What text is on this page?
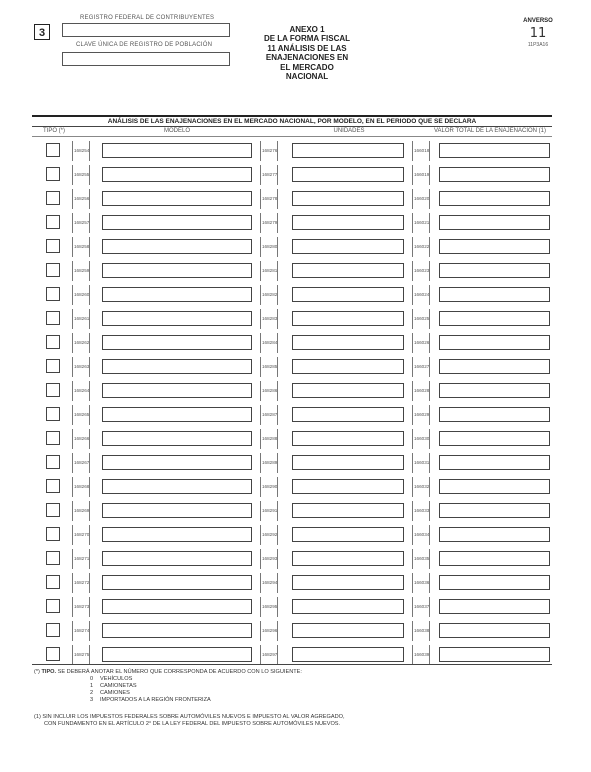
3
REGISTRO FEDERAL DE CONTRIBUYENTES
CLAVE ÚNICA DE REGISTRO DE POBLACIÓN
ANEXO 1
DE LA FORMA FISCAL
11 ANÁLISIS DE LAS
ENAJENACIONES EN
EL MERCADO
NACIONAL
ANVERSO
11
11P3A16
ANÁLISIS DE LAS ENAJENACIONES EN EL MERCADO NACIONAL, POR MODELO, EN EL PERIODO QUE SE DECLARA
TIPO (*)	MODELO	UNIDADES	VALOR TOTAL DE LA ENAJENACIÓN (1)
168254	168276	166018
168255	168277	166019
168256	168278	166020
168257	168279	166021
168258	168280	166022
168259	168281	166023
168260	168282	166024
168261	168283	166025
168262	168284	166026
168263	168285	166027
168264	168286	166028
168265	168287	166029
168266	168288	166030
168267	168289	166031
168268	168290	166032
168269	168291	166033
168270	168292	166034
168271	168293	166035
168272	168294	166036
168273	168295	166037
168274	168296	166038
168275	168297	166039
(*) TIPO. SE DEBERÁ ANOTAR EL NÚMERO QUE CORRESPONDA DE ACUERDO CON LO SIGUIENTE:
0 VEHÍCULOS
1 CAMIONETAS
2 CAMIONES
3 IMPORTADOS A LA REGIÓN FRONTERIZA
(1) SIN INCLUIR LOS IMPUESTOS FEDERALES SOBRE AUTOMÓVILES NUEVOS E IMPUESTO AL VALOR AGREGADO,
CON FUNDAMENTO EN EL ARTÍCULO 2° DE LA LEY FEDERAL DEL IMPUESTO SOBRE AUTOMÓVILES NUEVOS.
